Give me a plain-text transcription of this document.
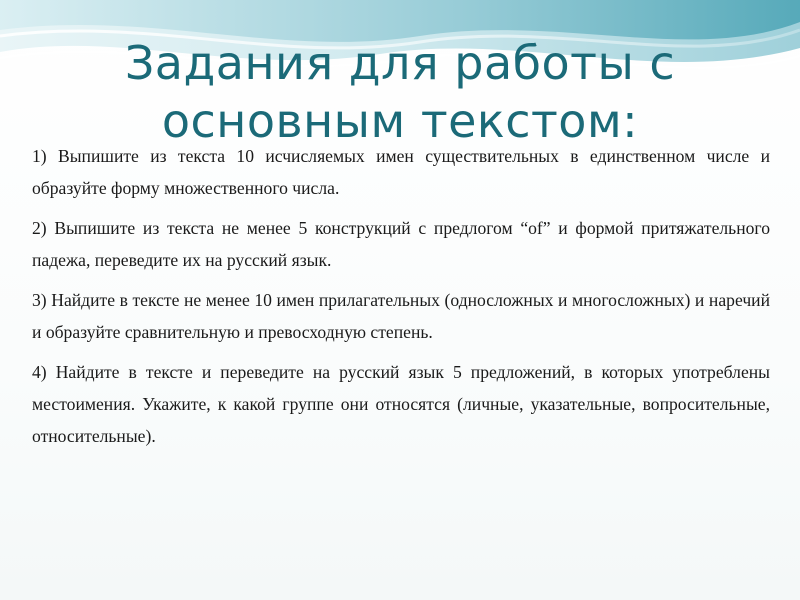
Задания для работы с
основным текстом:

1) Выпишите из текста 10 исчисляемых имен существительных в единственном числе и образуйте форму множественного числа.

2) Выпишите из текста не менее 5 конструкций с предлогом “of” и формой притяжательного падежа, переведите их на русский язык.

3) Найдите в тексте не менее 10 имен прилагательных (односложных и многосложных) и наречий и образуйте сравнительную и превосходную степень.

4) Найдите в тексте и переведите на русский язык 5 предложений, в которых употреблены местоимения. Укажите, к какой группе они относятся (личные, указательные, вопросительные, относительные).
